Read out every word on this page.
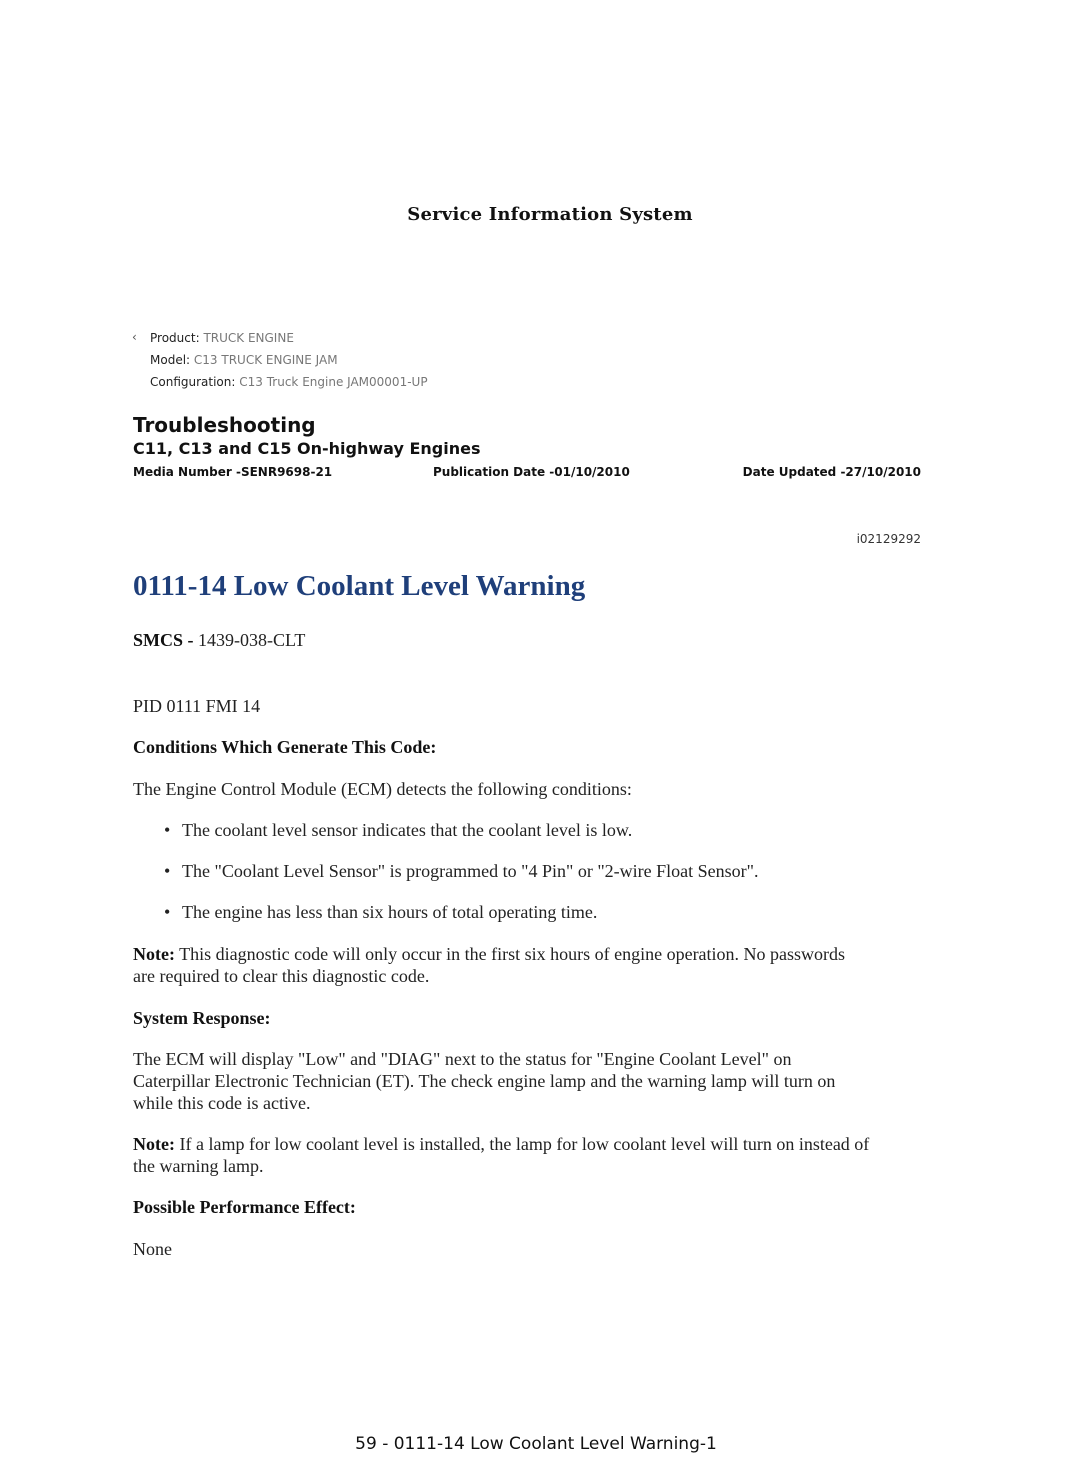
Service Information System
‹ Product: TRUCK ENGINE
Model: C13 TRUCK ENGINE JAM
Configuration: C13 Truck Engine JAM00001-UP
Troubleshooting
C11, C13 and C15 On-highway Engines
Media Number -SENR9698-21	Publication Date -01/10/2010	Date Updated -27/10/2010
i02129292
0111-14 Low Coolant Level Warning
SMCS - 1439-038-CLT
PID 0111 FMI 14
Conditions Which Generate This Code:
The Engine Control Module (ECM) detects the following conditions:
• The coolant level sensor indicates that the coolant level is low.
• The "Coolant Level Sensor" is programmed to "4 Pin" or "2-wire Float Sensor".
• The engine has less than six hours of total operating time.
Note: This diagnostic code will only occur in the first six hours of engine operation. No passwords
are required to clear this diagnostic code.
System Response:
The ECM will display "Low" and "DIAG" next to the status for "Engine Coolant Level" on
Caterpillar Electronic Technician (ET). The check engine lamp and the warning lamp will turn on
while this code is active.
Note: If a lamp for low coolant level is installed, the lamp for low coolant level will turn on instead of
the warning lamp.
Possible Performance Effect:
None
59 - 0111-14 Low Coolant Level Warning-1
